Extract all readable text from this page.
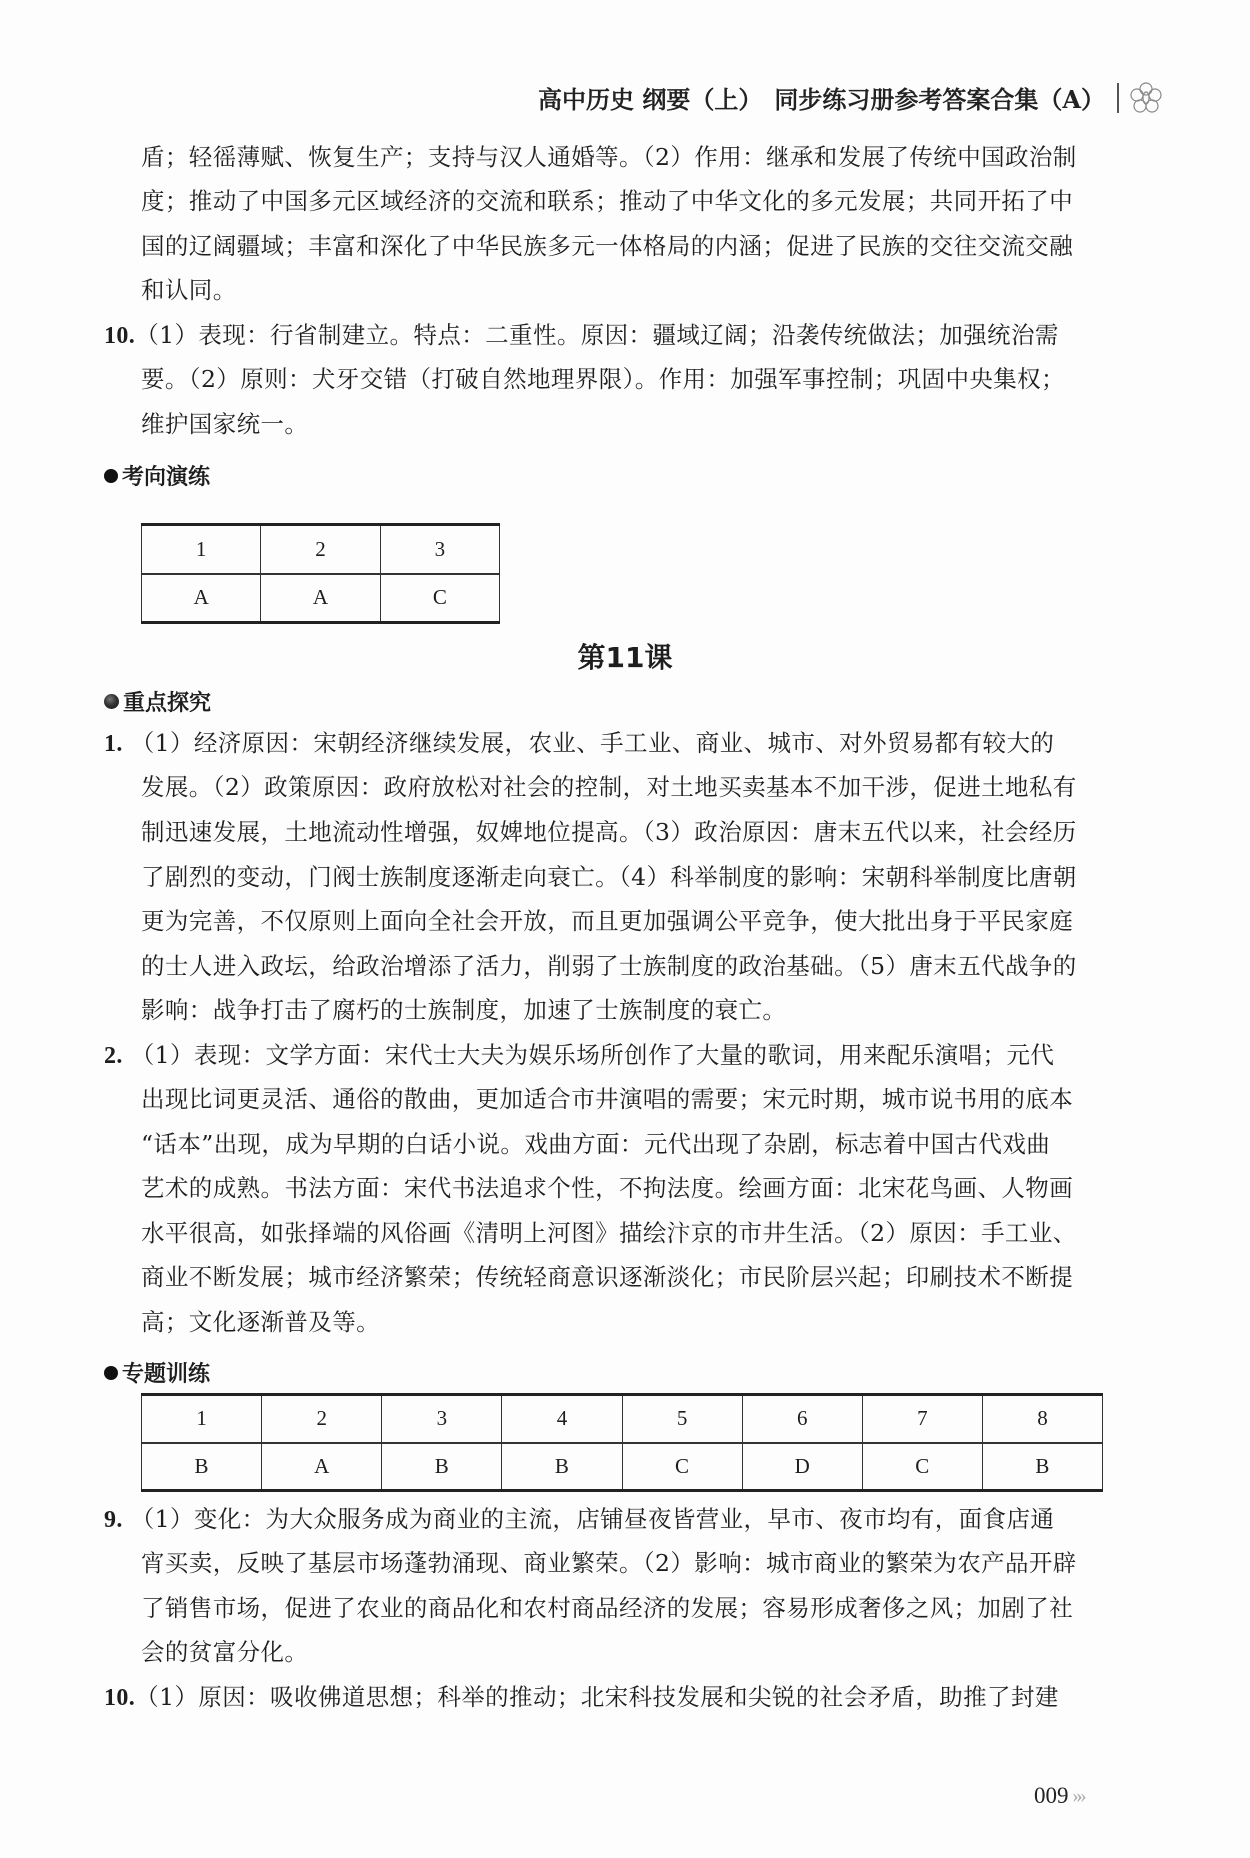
高中历史 纲要（上） 同步练习册参考答案合集（A）
盾；轻徭薄赋、恢复生产；支持与汉人通婚等。（2）作用：继承和发展了传统中国政治制
度；推动了中国多元区域经济的交流和联系；推动了中华文化的多元发展；共同开拓了中
国的辽阔疆域；丰富和深化了中华民族多元一体格局的内涵；促进了民族的交往交流交融
和认同。
10.（1）表现：行省制建立。特点：二重性。原因：疆域辽阔；沿袭传统做法；加强统治需
要。（2）原则：犬牙交错（打破自然地理界限）。作用：加强军事控制；巩固中央集权；
维护国家统一。
考向演练
1	2	3
A	A	C
第11课
重点探究
1. （1）经济原因：宋朝经济继续发展，农业、手工业、商业、城市、对外贸易都有较大的
发展。（2）政策原因：政府放松对社会的控制，对土地买卖基本不加干涉，促进土地私有
制迅速发展，土地流动性增强，奴婢地位提高。（3）政治原因：唐末五代以来，社会经历
了剧烈的变动，门阀士族制度逐渐走向衰亡。（4）科举制度的影响：宋朝科举制度比唐朝
更为完善，不仅原则上面向全社会开放，而且更加强调公平竞争，使大批出身于平民家庭
的士人进入政坛，给政治增添了活力，削弱了士族制度的政治基础。（5）唐末五代战争的
影响：战争打击了腐朽的士族制度，加速了士族制度的衰亡。
2. （1）表现：文学方面：宋代士大夫为娱乐场所创作了大量的歌词，用来配乐演唱；元代
出现比词更灵活、通俗的散曲，更加适合市井演唱的需要；宋元时期，城市说书用的底本
“话本”出现，成为早期的白话小说。戏曲方面：元代出现了杂剧，标志着中国古代戏曲
艺术的成熟。书法方面：宋代书法追求个性，不拘法度。绘画方面：北宋花鸟画、人物画
水平很高，如张择端的风俗画《清明上河图》描绘汴京的市井生活。（2）原因：手工业、
商业不断发展；城市经济繁荣；传统轻商意识逐渐淡化；市民阶层兴起；印刷技术不断提
高；文化逐渐普及等。
专题训练
1	2	3	4	5	6	7	8
B	A	B	B	C	D	C	B
9. （1）变化：为大众服务成为商业的主流，店铺昼夜皆营业，早市、夜市均有，面食店通
宵买卖，反映了基层市场蓬勃涌现、商业繁荣。（2）影响：城市商业的繁荣为农产品开辟
了销售市场，促进了农业的商品化和农村商品经济的发展；容易形成奢侈之风；加剧了社
会的贫富分化。
10.（1）原因：吸收佛道思想；科举的推动；北宋科技发展和尖锐的社会矛盾，助推了封建
009 »»
